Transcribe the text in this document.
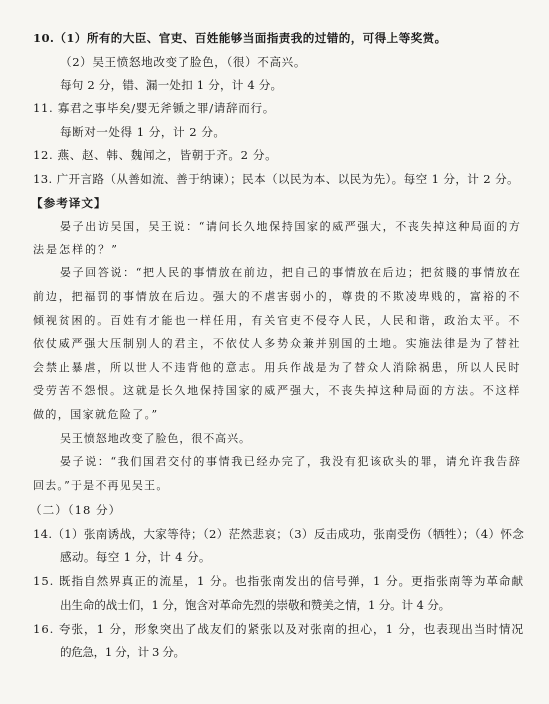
10.（1）所有的大臣、官吏、百姓能够当面指责我的过错的，可得上等奖赏。
（2）吴王愤怒地改变了脸色，（很）不高兴。
每句 2 分，错、漏一处扣 1 分，计 4 分。
11. 寡君之事毕矣/婴无斧锧之罪/请辞而行。
每断对一处得 1 分，计 2 分。
12. 燕、赵、韩、魏闻之，皆朝于齐。2 分。
13. 广开言路（从善如流、善于纳谏）；民本（以民为本、以民为先）。每空 1 分，计 2 分。
【参考译文】
晏子出访吴国，吴王说：“请问长久地保持国家的威严强大，不丧失掉这种局面的方
法是怎样的？”
晏子回答说：“把人民的事情放在前边，把自己的事情放在后边；把贫賤的事情放在
前边，把福罚的事情放在后边。强大的不虐害弱小的，尊贵的不欺凌卑贱的，富裕的不
倾视贫困的。百姓有才能也一样任用，有关官吏不侵夺人民，人民和谐，政治太平。不
依仗威严强大压制别人的君主，不依仗人多势众兼并别国的土地。实施法律是为了替社
会禁止暴虐，所以世人不违背他的意志。用兵作战是为了替众人消除祸患，所以人民时
受劳苦不怨恨。这就是长久地保持国家的威严强大，不丧失掉这种局面的方法。不这样
做的，国家就危险了。”
吴王愤怒地改变了脸色，很不高兴。
晏子说：“我们国君交付的事情我已经办完了，我没有犯该砍头的罪，请允许我告辞
回去。”于是不再见吴王。
（二）（18 分）
14.（1）张南诱战，大家等待；（2）茫然悲哀；（3）反击成功，张南受伤（牺牲）；（4）怀念
感动。每空 1 分，计 4 分。
15. 既指自然界真正的流星，1 分。也指张南发出的信号弹，1 分。更指张南等为革命献
出生命的战士们，1 分，饱含对革命先烈的崇敬和赞美之情，1 分。计 4 分。
16. 夸张，1 分，形象突出了战友们的紧张以及对张南的担心，1 分，也表现出当时情况
的危急，1 分，计 3 分。
